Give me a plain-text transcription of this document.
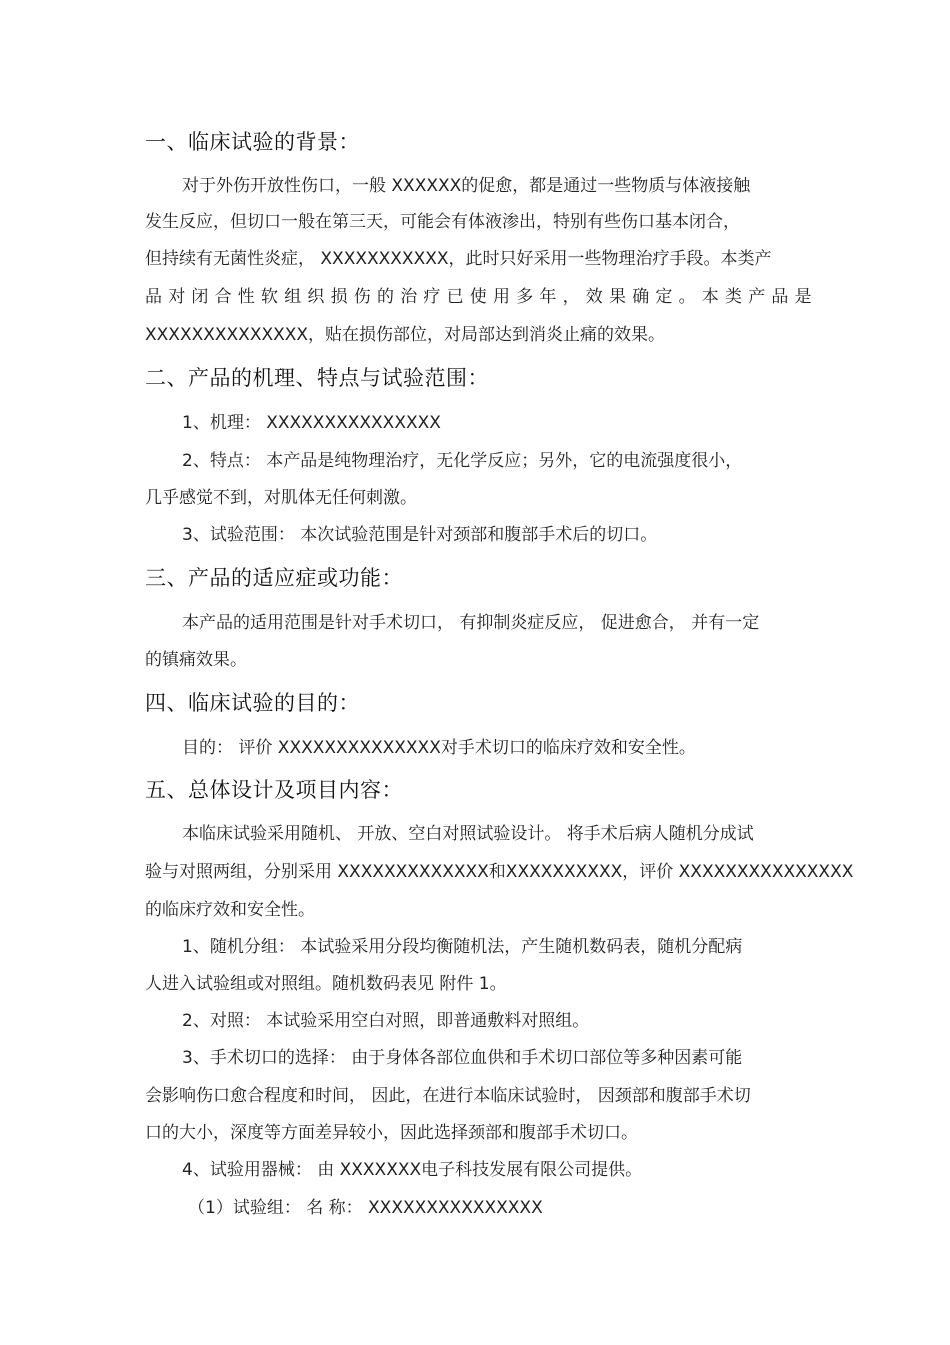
一、临床试验的背景：
对于外伤开放性伤口，一般 XXXXXX的促愈，都是通过一些物质与体液接触
发生反应，但切口一般在第三天，可能会有体液渗出，特别有些伤口基本闭合，
但持续有无菌性炎症， XXXXXXXXXXX，此时只好采用一些物理治疗手段。本类产
品对闭合性软组织损伤的治疗已使用多年，效果确定。本类产品是
XXXXXXXXXXXXXX，贴在损伤部位，对局部达到消炎止痛的效果。
二、产品的机理、特点与试验范围：
1、机理： XXXXXXXXXXXXXXX
2、特点： 本产品是纯物理治疗，无化学反应；另外，它的电流强度很小，
几乎感觉不到，对肌体无任何刺激。
3、试验范围： 本次试验范围是针对颈部和腹部手术后的切口。
三、产品的适应症或功能：
本产品的适用范围是针对手术切口， 有抑制炎症反应， 促进愈合， 并有一定
的镇痛效果。
四、临床试验的目的：
目的： 评价 XXXXXXXXXXXXXX对手术切口的临床疗效和安全性。
五、总体设计及项目内容：
本临床试验采用随机、 开放、空白对照试验设计。 将手术后病人随机分成试
验与对照两组，分别采用 XXXXXXXXXXXXX和XXXXXXXXXX，评价 XXXXXXXXXXXXXXX
的临床疗效和安全性。
1、随机分组： 本试验采用分段均衡随机法，产生随机数码表，随机分配病
人进入试验组或对照组。随机数码表见 附件 1。
2、对照： 本试验采用空白对照，即普通敷料对照组。
3、手术切口的选择： 由于身体各部位血供和手术切口部位等多种因素可能
会影响伤口愈合程度和时间， 因此，在进行本临床试验时， 因颈部和腹部手术切
口的大小，深度等方面差异较小，因此选择颈部和腹部手术切口。
4、试验用器械： 由 XXXXXXX电子科技发展有限公司提供。
（1）试验组： 名 称： XXXXXXXXXXXXXXX
